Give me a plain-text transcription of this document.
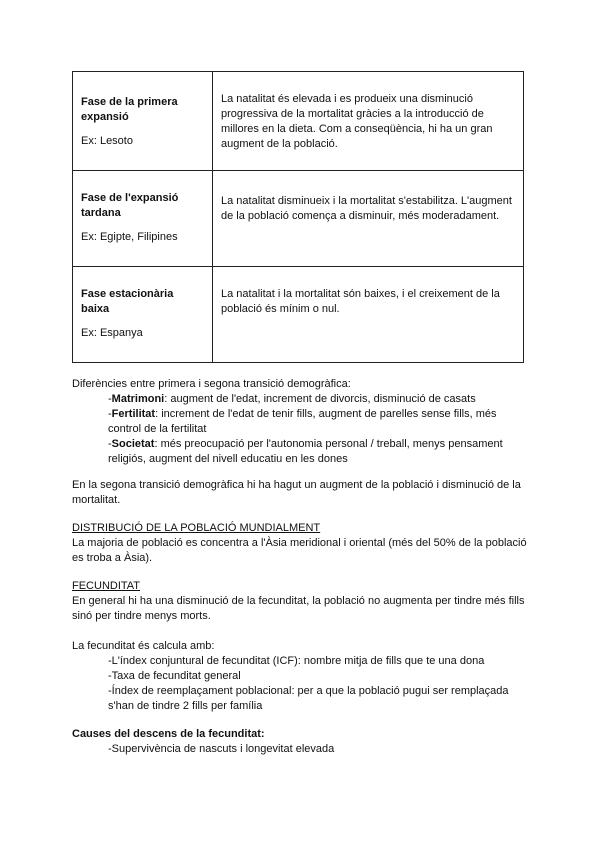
Fase de la primera expansió
Ex: Lesoto	La natalitat és elevada i es produeix una disminució progressiva de la mortalitat gràcies a la introducció de millores en la dieta. Com a conseqüència, hi ha un gran augment de la població.

Fase de l'expansió tardana
Ex: Egipte, Filipines	La natalitat disminueix i la mortalitat s'estabilitza. L'augment de la població comença a disminuir, més moderadament.

Fase estacionària baixa
Ex: Espanya	La natalitat i la mortalitat són baixes, i el creixement de la població és mínim o nul.
Diferències entre primera i segona transició demogràfica:
-Matrimoni: augment de l'edat, increment de divorcis, disminució de casats
-Fertilitat: increment de l'edat de tenir fills, augment de parelles sense fills, més control de la fertilitat
-Societat: més preocupació per l'autonomia personal / treball, menys pensament religiós, augment del nivell educatiu en les dones
En la segona transició demogràfica hi ha hagut un augment de la població i disminució de la mortalitat.
DISTRIBUCIÓ DE LA POBLACIÓ MUNDIALMENT
La majoria de població es concentra a l'Àsia meridional i oriental (més del 50% de la població es troba a Àsia).
FECUNDITAT
En general hi ha una disminució de la fecunditat, la població no augmenta per tindre més fills sinó per tindre menys morts.
La fecunditat és calcula amb:
-L'índex conjuntural de fecunditat (ICF): nombre mitja de fills que te una dona
-Taxa de fecunditat general
-Índex de reemplaçament poblacional: per a que la població pugui ser remplaçada s'han de tindre 2 fills per família
Causes del descens de la fecunditat:
-Supervivència de nascuts i longevitat elevada
